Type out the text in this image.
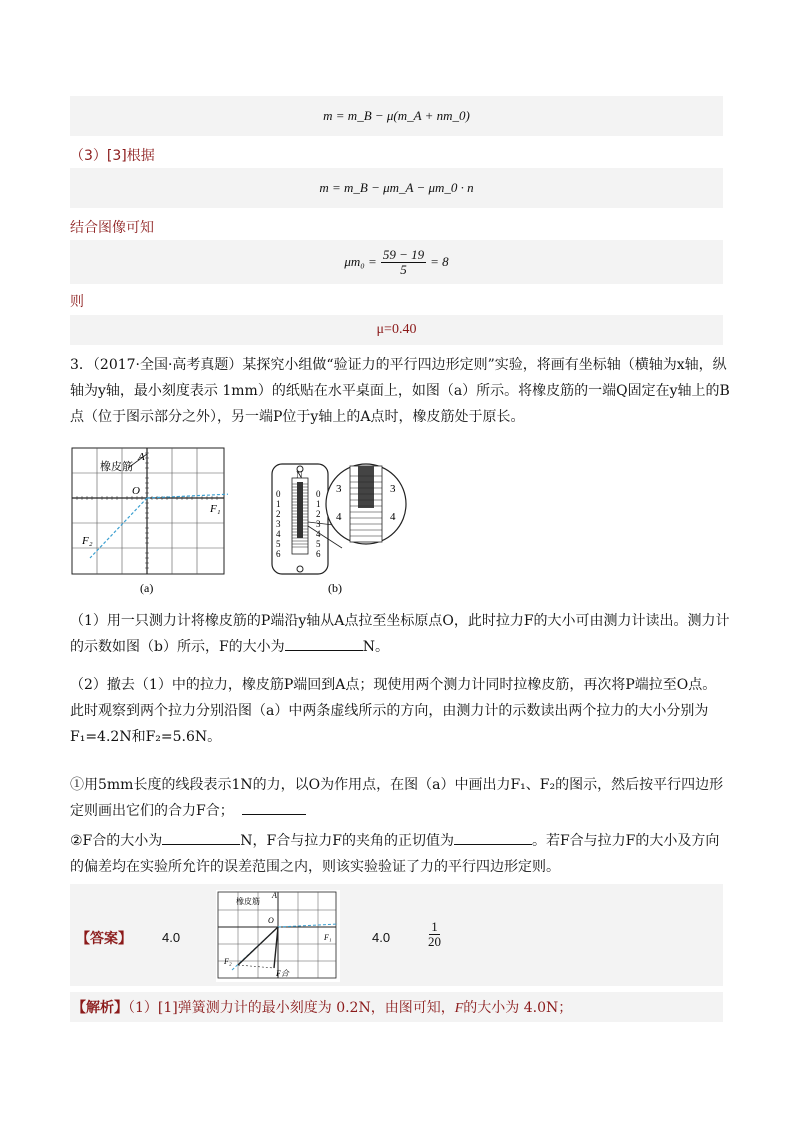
m = m_B − μ(m_A + nm_0)
（3）[3]根据
m = m_B − μm_A − μm_0 · n
结合图像可知
$\mu m_0 = \frac{59 - 19}{5} = 8$
则
μ=0.40
3．（2017·全国·高考真题）某探究小组做“验证力的平行四边形定则”实验，将画有坐标轴（横轴为x轴，纵轴为y轴，最小刻度表示 1mm）的纸贴在水平桌面上，如图（a）所示。将橡皮筋的一端Q固定在y轴上的B点（位于图示部分之外），另一端P位于y轴上的A点时，橡皮筋处于原长。
橡皮筋
A
O
F₁
F₂
(a)
N
0
1
2
3
4
5
6
0
1
2
3
4
5
6
3
4
3
4
(b)
（1）用一只测力计将橡皮筋的P端沿y轴从A点拉至坐标原点O，此时拉力F的大小可由测力计读出。测力计的示数如图（b）所示，F的大小为	N。
（2）撤去（1）中的拉力，橡皮筋P端回到A点；现使用两个测力计同时拉橡皮筋，再次将P端拉至O点。此时观察到两个拉力分别沿图（a）中两条虚线所示的方向，由测力计的示数读出两个拉力的大小分别为F₁=4.2N和F₂=5.6N。
①用5mm长度的线段表示1N的力，以O为作用点，在图（a）中画出力F₁、F₂的图示，然后按平行四边形定则画出它们的合力F合；
②F合的大小为	N，F合与拉力F的夹角的正切值为	。若F合与拉力F的大小及方向的偏差均在实验所允许的误差范围之内，则该实验验证了力的平行四边形定则。
【答案】 4.0
橡皮筋
A
O
F₁
F₂
F合
4.0	$\frac{1}{20}$
【解析】（1）[1]弹簧测力计的最小刻度为 0.2N，由图可知，F的大小为 4.0N；
